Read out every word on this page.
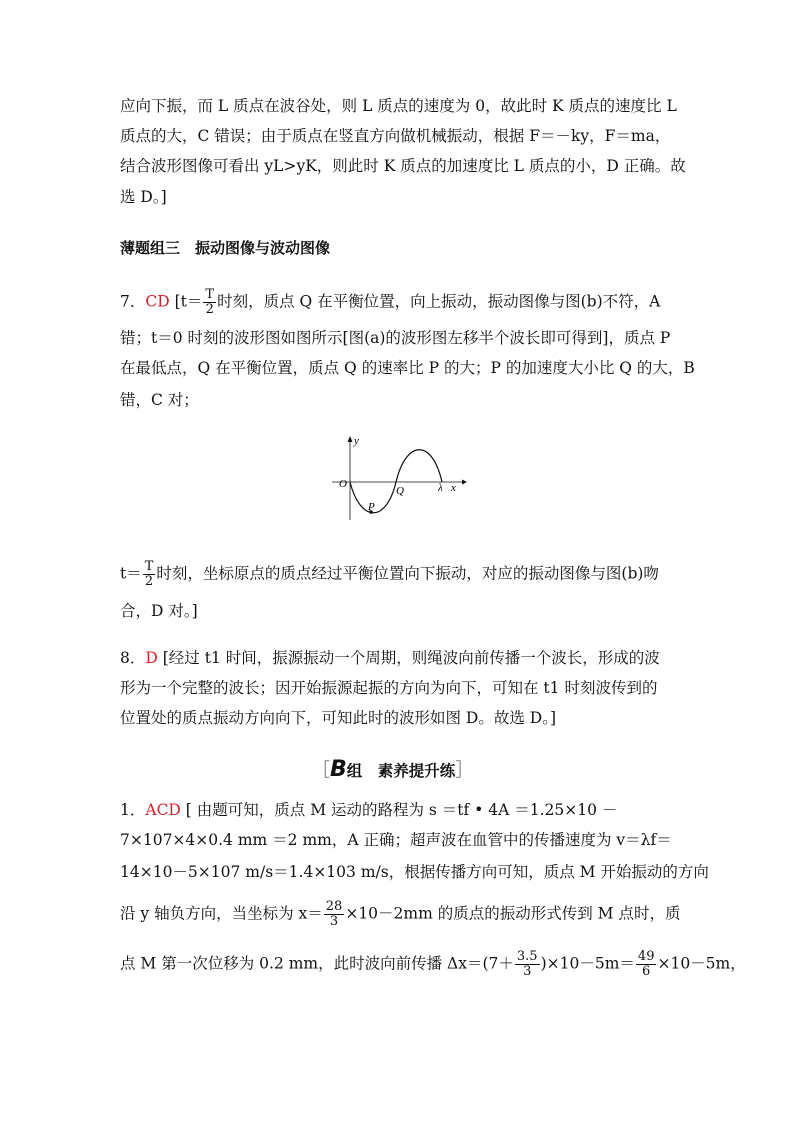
应向下振，而 L 质点在波谷处，则 L 质点的速度为 0，故此时 K 质点的速度比 L
质点的大，C 错误；由于质点在竖直方向做机械振动，根据 F＝－ky，F＝ma，
结合波形图像可看出 yL>yK，则此时 K 质点的加速度比 L 质点的小，D 正确。故
选 D。]
薄题组三　振动图像与波动图像
7．CD [$t= \frac{T}{2}$ 时刻，质点 Q 在平衡位置，向上振动，振动图像与图(b)不符，A
错；t＝0 时刻的波形图如图所示[图(a)的波形图左移半个波长即可得到]，质点 P
在最低点，Q 在平衡位置，质点 Q 的速率比 P 的大；P 的加速度大小比 Q 的大，B
错，C 对；
y
O
Q
P
λ x
$t= \frac{T}{2}$ 时刻，坐标原点的质点经过平衡位置向下振动，对应的振动图像与图(b)吻
合，D 对。]
8．D [经过 t1 时间，振源振动一个周期，则绳波向前传播一个波长，形成的波
形为一个完整的波长；因开始振源起振的方向为向下，可知在 t1 时刻波传到的
位置处的质点振动方向向下，可知此时的波形如图 D。故选 D。]
［B组　素养提升练］
1．ACD [ 由题可知，质点 M 运动的路程为 s ＝tf • 4A ＝1.25×10 －
7×107×4×0.4 mm ＝2 mm，A 正确；超声波在血管中的传播速度为 v＝λf＝
14×10－5×107 m/s＝1.4×103 m/s，根据传播方向可知，质点 M 开始振动的方向
沿 y 轴负方向，当坐标为 $x= \frac{28}{3} \times 10-2mm$ 的质点的振动形式传到 M 点时，质
点 M 第一次位移为 0.2 mm，此时波向前传播 $\Delta x=(7+ \frac{3.5}{3} )\times 10-5m= \frac{49}{6} \times 10-5m$，
